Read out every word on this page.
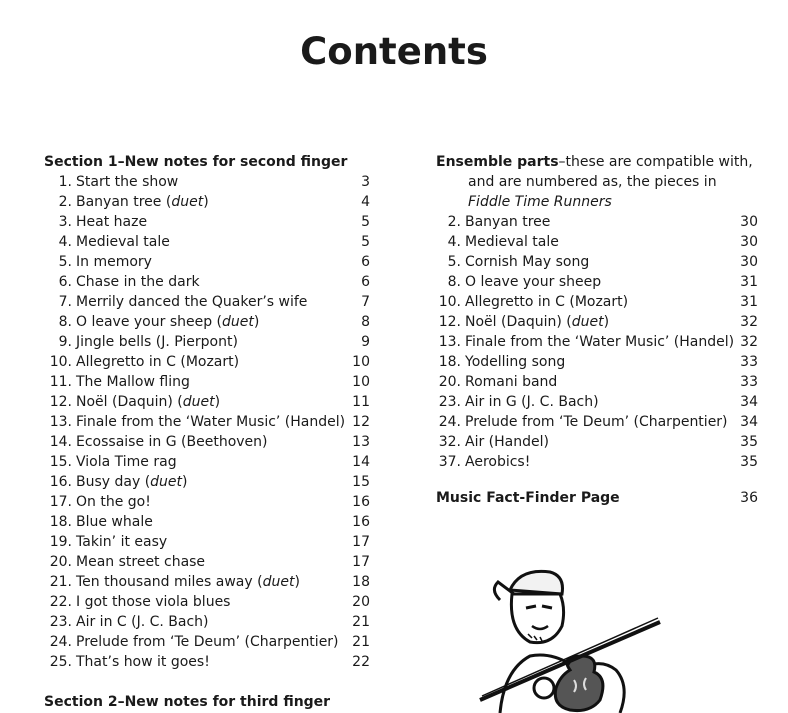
Contents
Section 1–New notes for second finger
1. Start the show	3
2. Banyan tree (duet)	4
3. Heat haze	5
4. Medieval tale	5
5. In memory	6
6. Chase in the dark	6
7. Merrily danced the Quaker’s wife	7
8. O leave your sheep (duet)	8
9. Jingle bells (J. Pierpont)	9
10. Allegretto in C (Mozart)	10
11. The Mallow fling	10
12. Noël (Daquin) (duet)	11
13. Finale from the ‘Water Music’ (Handel) 12
14. Ecossaise in G (Beethoven)	13
15. Viola Time rag	14
16. Busy day (duet)	15
17. On the go!	16
18. Blue whale	16
19. Takin’ it easy	17
20. Mean street chase	17
21. Ten thousand miles away (duet)	18
22. I got those viola blues	20
23. Air in C (J. C. Bach)	21
24. Prelude from ‘Te Deum’ (Charpentier) 21
25. That’s how it goes!	22
Ensemble parts–these are compatible with,
and are numbered as, the pieces in
Fiddle Time Runners
2. Banyan tree	30
4. Medieval tale	30
5. Cornish May song	30
8. O leave your sheep	31
10. Allegretto in C (Mozart)	31
12. Noël (Daquin) (duet)	32
13. Finale from the ‘Water Music’ (Handel) 32
18. Yodelling song	33
20. Romani band	33
23. Air in G (J. C. Bach)	34
24. Prelude from ‘Te Deum’ (Charpentier) 34
32. Air (Handel)	35
37. Aerobics!	35
Music Fact-Finder Page	36
Section 2–New notes for third finger
